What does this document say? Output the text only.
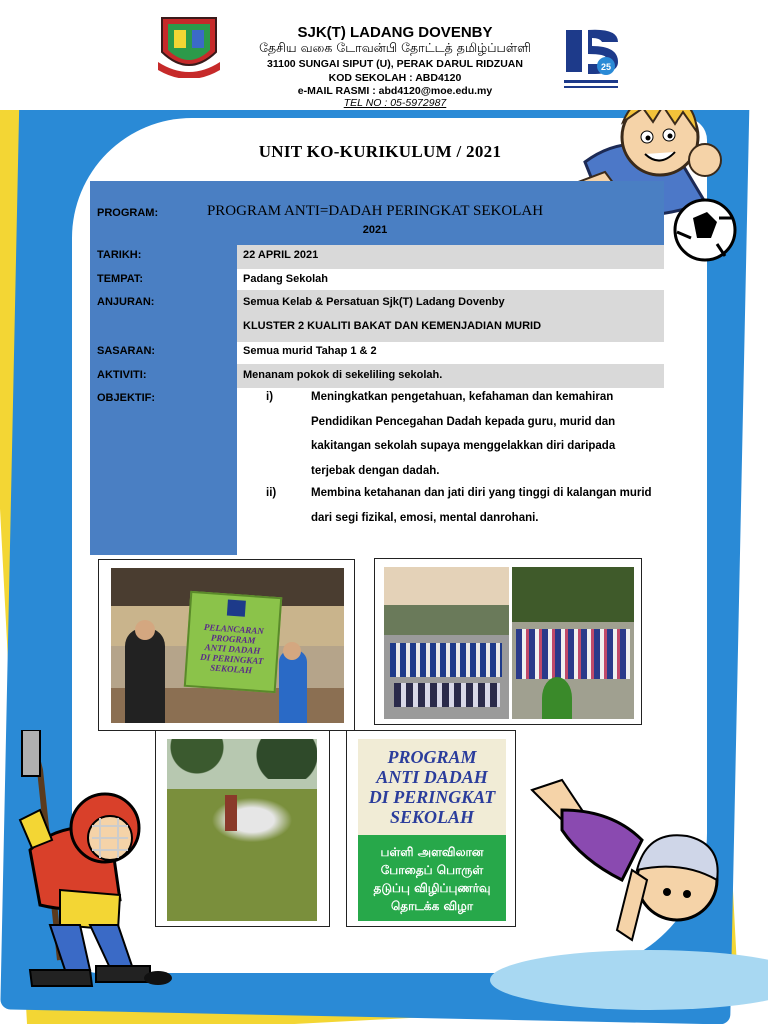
SJK(T) LADANG DOVENBY
தேசிய வகை டோவன்பி தோட்டத் தமிழ்ப்பள்ளி
31100 SUNGAI SIPUT (U), PERAK DARUL RIDZUAN
KOD SEKOLAH : ABD4120
e-MAIL RASMI : abd4120@moe.edu.my
TEL NO : 05-5972987
25
UNIT KO-KURIKULUM / 2021
PROGRAM:	PROGRAM ANTI=DADAH PERINGKAT SEKOLAH
2021
TARIKH:	22 APRIL 2021
TEMPAT:	Padang Sekolah
ANJURAN:	Semua Kelab & Persatuan Sjk(T) Ladang Dovenby
KLUSTER 2 KUALITI BAKAT DAN KEMENJADIAN MURID
SASARAN:	Semua murid Tahap 1 & 2
AKTIVITI:	Menanam pokok di sekeliling sekolah.
OBJEKTIF:	i)	Meningkatkan pengetahuan, kefahaman dan kemahiran Pendidikan Pencegahan Dadah kepada guru, murid dan kakitangan sekolah supaya menggelakkan diri daripada terjebak dengan dadah.
ii)	Membina ketahanan dan jati diri yang tinggi di kalangan murid dari segi fizikal, emosi, mental danrohani.
PELANCARAN
PROGRAM
ANTI DADAH
DI PERINGKAT
SEKOLAH
PROGRAM
ANTI DADAH
DI PERINGKAT
SEKOLAH
பள்ளி அளவிலான
போதைப் பொருள்
தடுப்பு விழிப்புணர்வு
தொடக்க விழா
